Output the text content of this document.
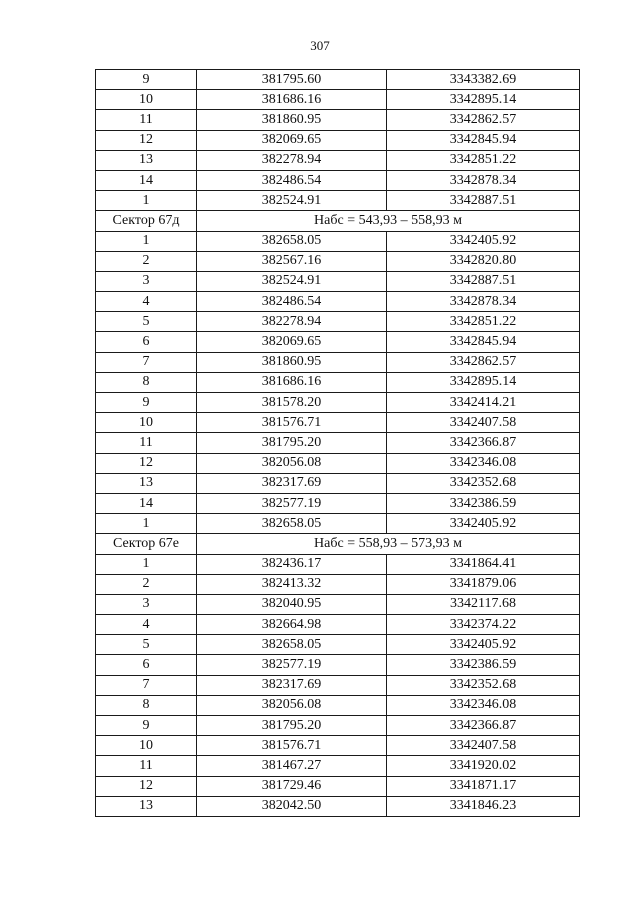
307
9	381795.60	3343382.69
10	381686.16	3342895.14
11	381860.95	3342862.57
12	382069.65	3342845.94
13	382278.94	3342851.22
14	382486.54	3342878.34
1	382524.91	3342887.51
Сектор 67д	Набс = 543,93 – 558,93 м	
1	382658.05	3342405.92
2	382567.16	3342820.80
3	382524.91	3342887.51
4	382486.54	3342878.34
5	382278.94	3342851.22
6	382069.65	3342845.94
7	381860.95	3342862.57
8	381686.16	3342895.14
9	381578.20	3342414.21
10	381576.71	3342407.58
11	381795.20	3342366.87
12	382056.08	3342346.08
13	382317.69	3342352.68
14	382577.19	3342386.59
1	382658.05	3342405.92
Сектор 67е	Набс = 558,93 – 573,93 м	
1	382436.17	3341864.41
2	382413.32	3341879.06
3	382040.95	3342117.68
4	382664.98	3342374.22
5	382658.05	3342405.92
6	382577.19	3342386.59
7	382317.69	3342352.68
8	382056.08	3342346.08
9	381795.20	3342366.87
10	381576.71	3342407.58
11	381467.27	3341920.02
12	381729.46	3341871.17
13	382042.50	3341846.23
